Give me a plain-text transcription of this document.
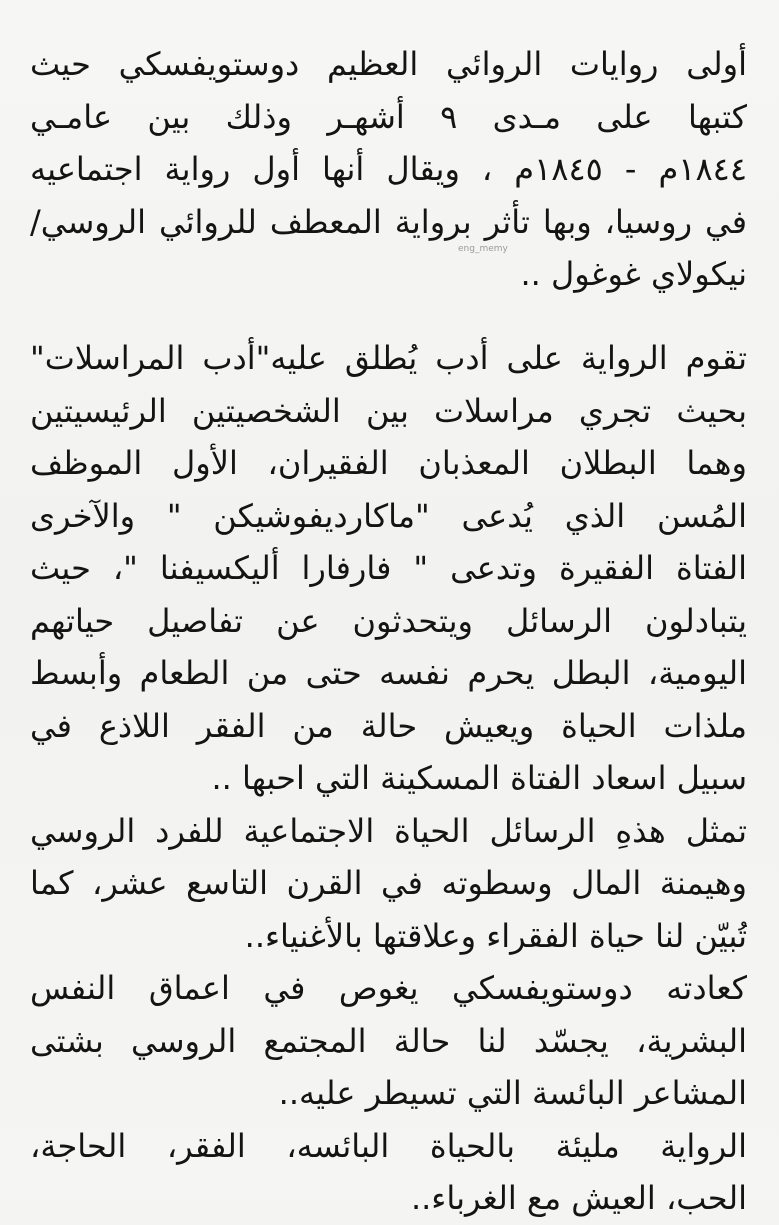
أولى روايات الروائي العظيم دوستويفسكي حيث
كتبها على مـدى ٩ أشهـر وذلك بين عامـي
١٨٤٤م - ١٨٤٥م ، ويقال أنها أول رواية اجتماعيه
في روسيا، وبها تأثر برواية المعطف للروائي الروسي/
نيكولاي غوغول ..
eng_memy
تقوم الرواية على أدب يُطلق عليه"أدب المراسلات"
بحيث تجري مراسلات بين الشخصيتين الرئيسيتين
وهما البطلان المعذبان الفقيران، الأول الموظف
المُسن الذي يُدعى "ماكارديفوشيكن " والآخرى
الفتاة الفقيرة وتدعى " فارفارا أليكسيفنا "، حيث
يتبادلون الرسائل ويتحدثون عن تفاصيل حياتهم
اليومية، البطل يحرم نفسه حتى من الطعام وأبسط
ملذات الحياة ويعيش حالة من الفقر اللاذع في
سبيل اسعاد الفتاة المسكينة التي احبها ..
تمثل هذهِ الرسائل الحياة الاجتماعية للفرد الروسي
وهيمنة المال وسطوته في القرن التاسع عشر، كما
تُبيّن لنا حياة الفقراء وعلاقتها بالأغنياء..
كعادته دوستويفسكي يغوص في اعماق النفس
البشرية، يجسّد لنا حالة المجتمع الروسي بشتى
المشاعر البائسة التي تسيطر عليه..
الرواية مليئة بالحياة البائسه، الفقر، الحاجة،
الحب، العيش مع الغرباء..
